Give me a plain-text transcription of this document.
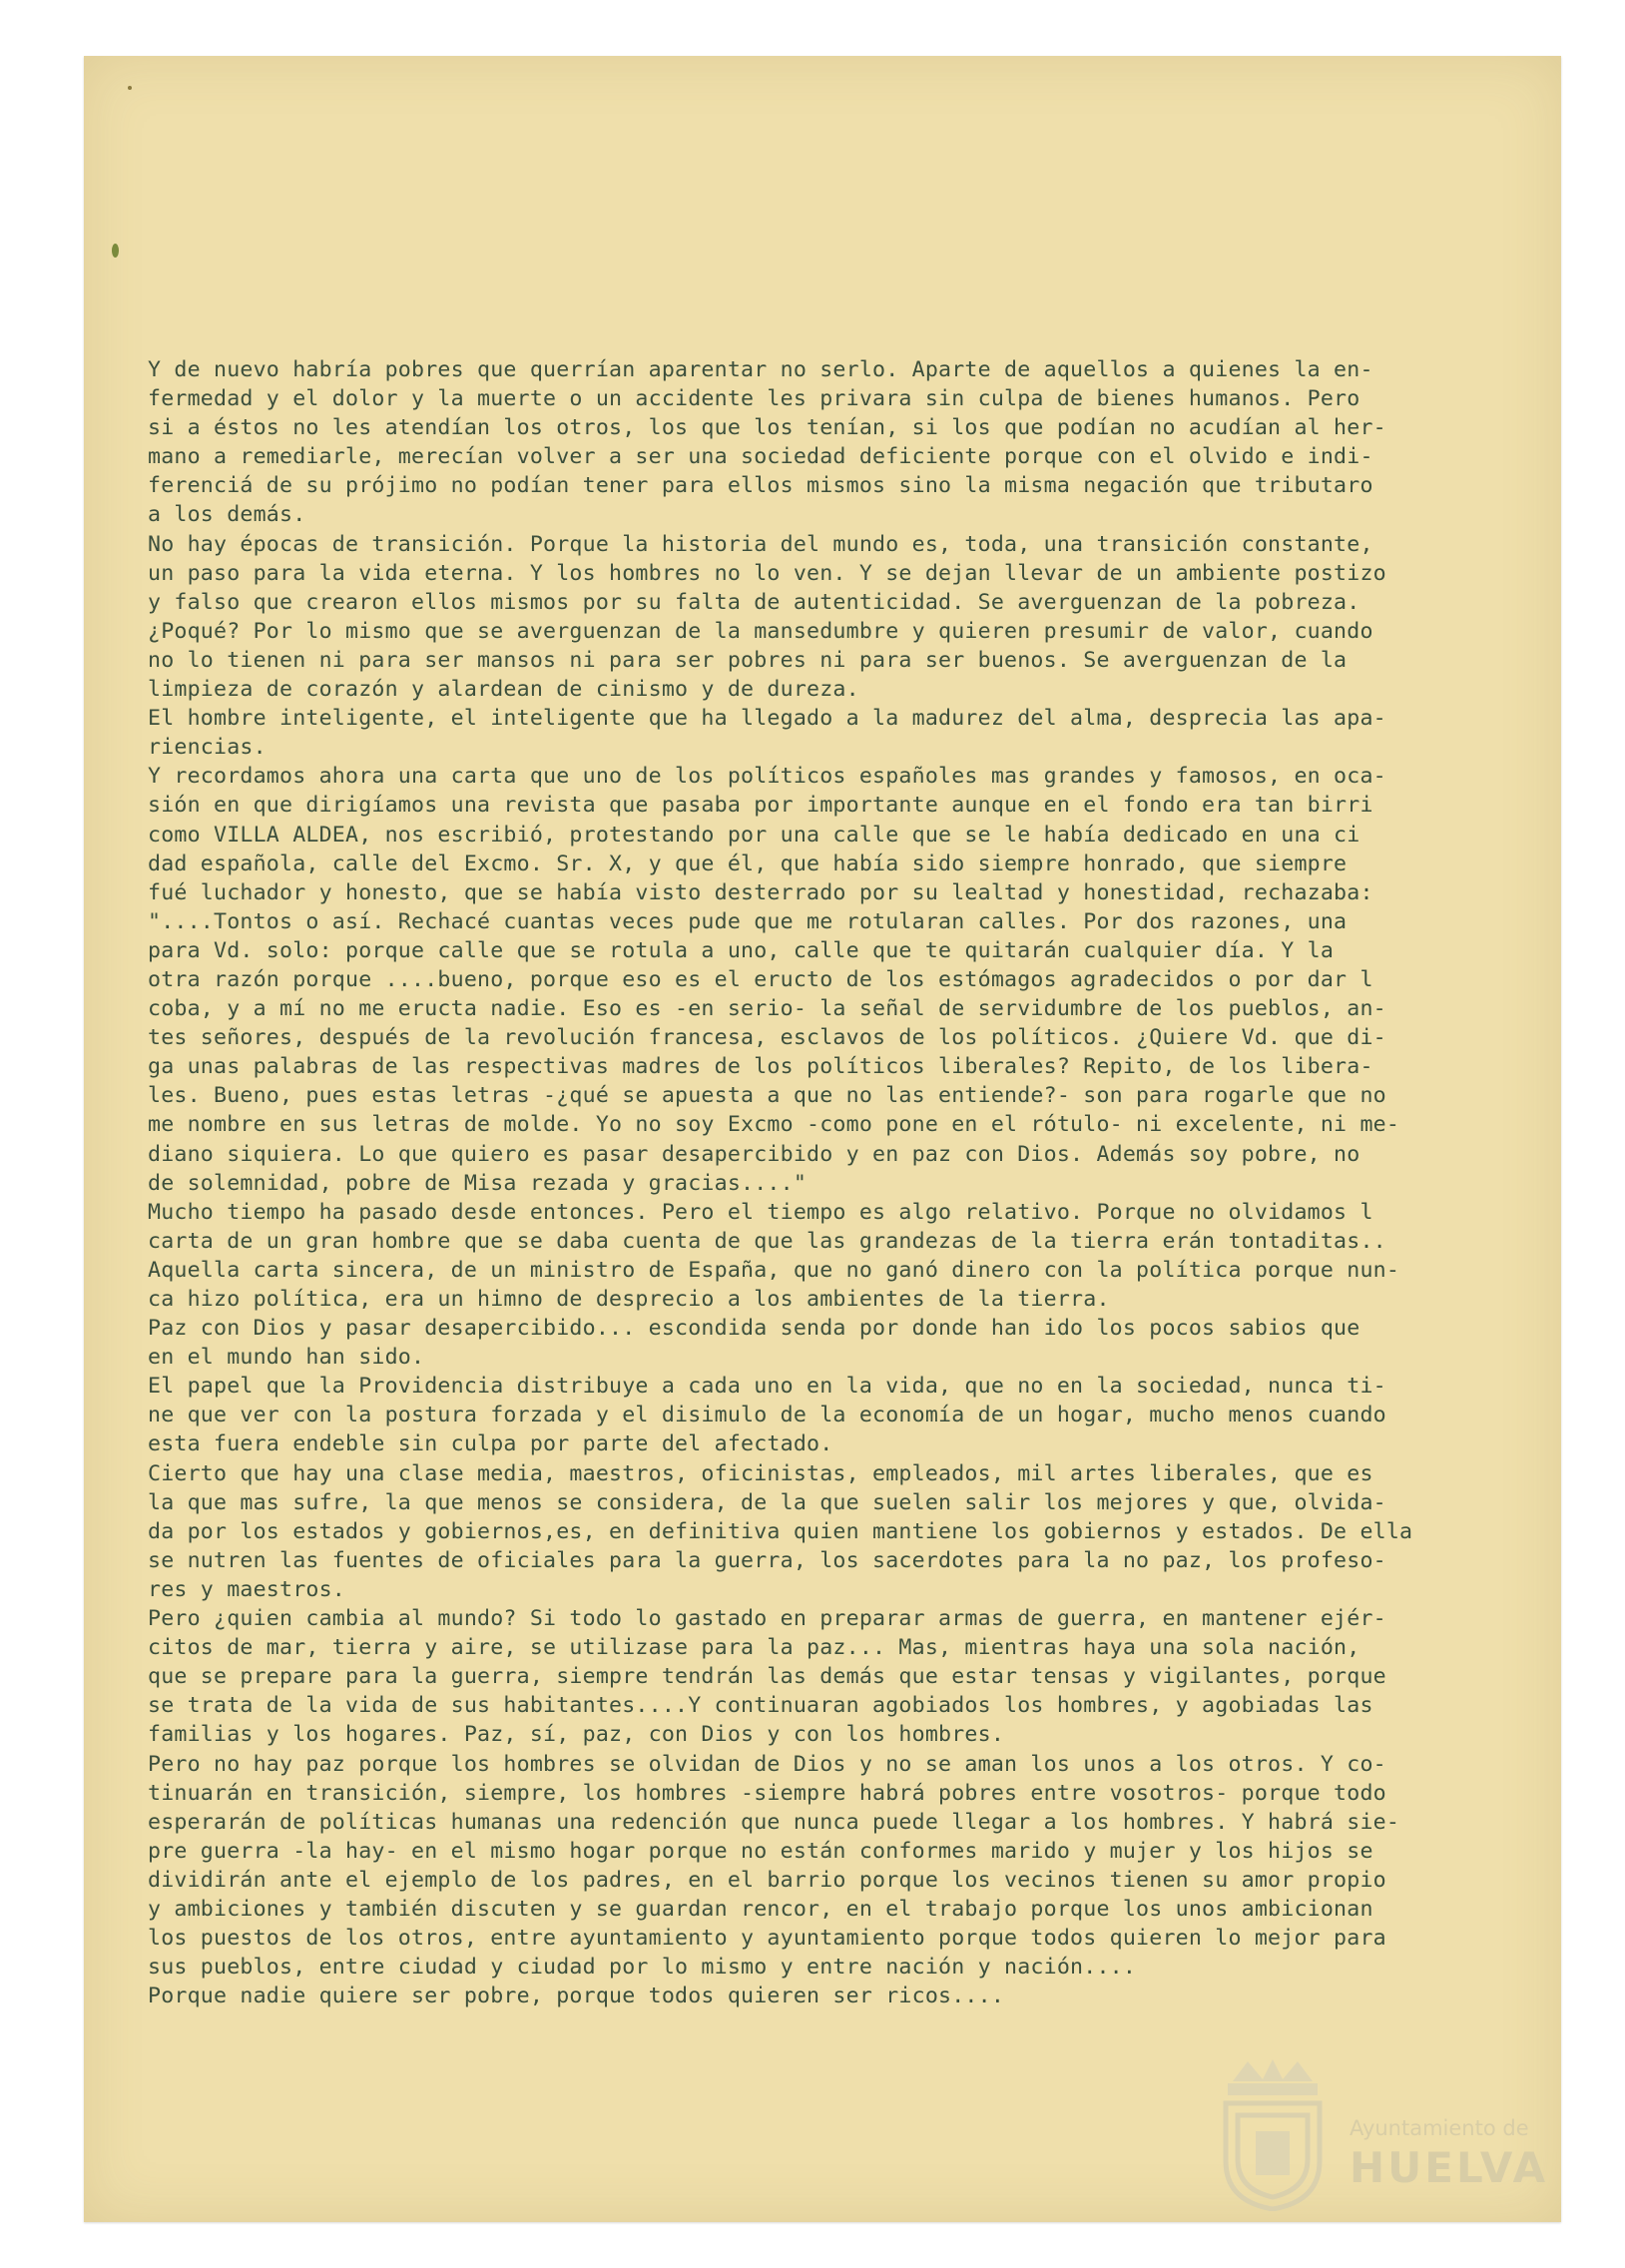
Y de nuevo habría pobres que querrían aparentar no serlo. Aparte de aquellos a quienes la en-
fermedad y el dolor y la muerte o un accidente les privara sin culpa de bienes humanos. Pero
si a éstos no les atendían los otros, los que los tenían, si los que podían no acudían al her-
mano a remediarle, merecían volver a ser una sociedad deficiente porque con el olvido e indi-
ferenciá de su prójimo no podían tener para ellos mismos sino la misma negación que tributaro
a los demás.
No hay épocas de transición. Porque la historia del mundo es, toda, una transición constante,
un paso para la vida eterna. Y los hombres no lo ven. Y se dejan llevar de un ambiente postizo
y falso que crearon ellos mismos por su falta de autenticidad. Se averguenzan de la pobreza.
¿Poqué? Por lo mismo que se averguenzan de la mansedumbre y quieren presumir de valor, cuando
no lo tienen ni para ser mansos ni para ser pobres ni para ser buenos. Se averguenzan de la
limpieza de corazón y alardean de cinismo y de dureza.
El hombre inteligente, el inteligente que ha llegado a la madurez del alma, desprecia las apa-
riencias.
Y recordamos ahora una carta que uno de los políticos españoles mas grandes y famosos, en oca-
sión en que dirigíamos una revista que pasaba por importante aunque en el fondo era tan birri
como VILLA ALDEA, nos escribió, protestando por una calle que se le había dedicado en una ci
dad española, calle del Excmo. Sr. X, y que él, que había sido siempre honrado, que siempre
fué luchador y honesto, que se había visto desterrado por su lealtad y honestidad, rechazaba:
"....Tontos o así. Rechacé cuantas veces pude que me rotularan calles. Por dos razones, una
para Vd. solo: porque calle que se rotula a uno, calle que te quitarán cualquier día. Y la
otra razón porque ....bueno, porque eso es el eructo de los estómagos agradecidos o por dar l
coba, y a mí no me eructa nadie. Eso es -en serio- la señal de servidumbre de los pueblos, an-
tes señores, después de la revolución francesa, esclavos de los políticos. ¿Quiere Vd. que di-
ga unas palabras de las respectivas madres de los políticos liberales? Repito, de los libera-
les. Bueno, pues estas letras -¿qué se apuesta a que no las entiende?- son para rogarle que no
me nombre en sus letras de molde. Yo no soy Excmo -como pone en el rótulo- ni excelente, ni me-
diano siquiera. Lo que quiero es pasar desapercibido y en paz con Dios. Además soy pobre, no
de solemnidad, pobre de Misa rezada y gracias...."
Mucho tiempo ha pasado desde entonces. Pero el tiempo es algo relativo. Porque no olvidamos l
carta de un gran hombre que se daba cuenta de que las grandezas de la tierra erán tontaditas..
Aquella carta sincera, de un ministro de España, que no ganó dinero con la política porque nun-
ca hizo política, era un himno de desprecio a los ambientes de la tierra.
Paz con Dios y pasar desapercibido... escondida senda por donde han ido los pocos sabios que
en el mundo han sido.
El papel que la Providencia distribuye a cada uno en la vida, que no en la sociedad, nunca ti-
ne que ver con la postura forzada y el disimulo de la economía de un hogar, mucho menos cuando
esta fuera endeble sin culpa por parte del afectado.
Cierto que hay una clase media, maestros, oficinistas, empleados, mil artes liberales, que es
la que mas sufre, la que menos se considera, de la que suelen salir los mejores y que, olvida-
da por los estados y gobiernos,es, en definitiva quien mantiene los gobiernos y estados. De ella
se nutren las fuentes de oficiales para la guerra, los sacerdotes para la no paz, los profeso-
res y maestros.
Pero ¿quien cambia al mundo? Si todo lo gastado en preparar armas de guerra, en mantener ejér-
citos de mar, tierra y aire, se utilizase para la paz... Mas, mientras haya una sola nación,
que se prepare para la guerra, siempre tendrán las demás que estar tensas y vigilantes, porque
se trata de la vida de sus habitantes....Y continuaran agobiados los hombres, y agobiadas las
familias y los hogares. Paz, sí, paz, con Dios y con los hombres.
Pero no hay paz porque los hombres se olvidan de Dios y no se aman los unos a los otros. Y co-
tinuarán en transición, siempre, los hombres -siempre habrá pobres entre vosotros- porque todo
esperarán de políticas humanas una redención que nunca puede llegar a los hombres. Y habrá sie-
pre guerra -la hay- en el mismo hogar porque no están conformes marido y mujer y los hijos se
dividirán ante el ejemplo de los padres, en el barrio porque los vecinos tienen su amor propio
y ambiciones y también discuten y se guardan rencor, en el trabajo porque los unos ambicionan
los puestos de los otros, entre ayuntamiento y ayuntamiento porque todos quieren lo mejor para
sus pueblos, entre ciudad y ciudad por lo mismo y entre nación y nación....
Porque nadie quiere ser pobre, porque todos quieren ser ricos....
Ayuntamiento de
HUELVA
